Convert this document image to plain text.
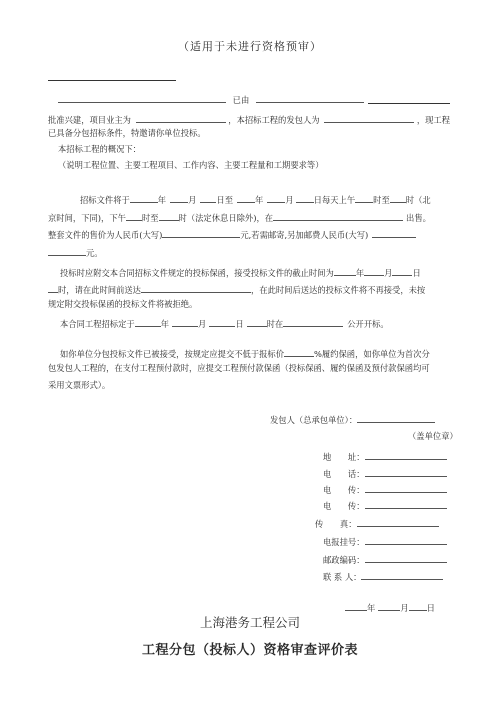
（适用于未进行资格预审）
已由
批准兴建，项目业主为	，本招标工程的发包人为	，现工程
已具备分包招标条件，特邀请你单位投标。
本招标工程的概况下：
（说明工程位置、主要工程项目、工作内容、主要工程量和工期要求等）
招标文件将于	年	月 日至	年	月 日每天上午 时至 时（北
京时间，下同)，下午 时至 时（法定休息日除外)，在	出售。
整套文件的售价为人民币(大写)	元,若需邮寄,另加邮费人民币(大写)
元。
投标时应附交本合同招标文件规定的投标保函，接受投标文件的截止时间为	年 月 日
时，请在此时间前送达	，在此时间后送达的投标文件将不再接受，未按
规定附交投标保函的投标文件将被拒绝。
本合同工程招标定于	年	月	日	时在	公开开标。
如你单位分包投标文件已被接受，按规定应提交不低于报标价	%履约保函，如你单位为首次分
包发包人工程的，在支付工程预付款时，应提交工程预付款保函（投标保函、履约保函及预付款保函均可
采用文票形式）。
发包人（总承包单位）：
（盖单位章）
地　　址：
电　　话：
电　　传：
电　　传：
传　　真：
电报挂号：
邮政编码：
联 系 人：
年	月 日
上海港务工程公司
工程分包（投标人）资格审查评价表
